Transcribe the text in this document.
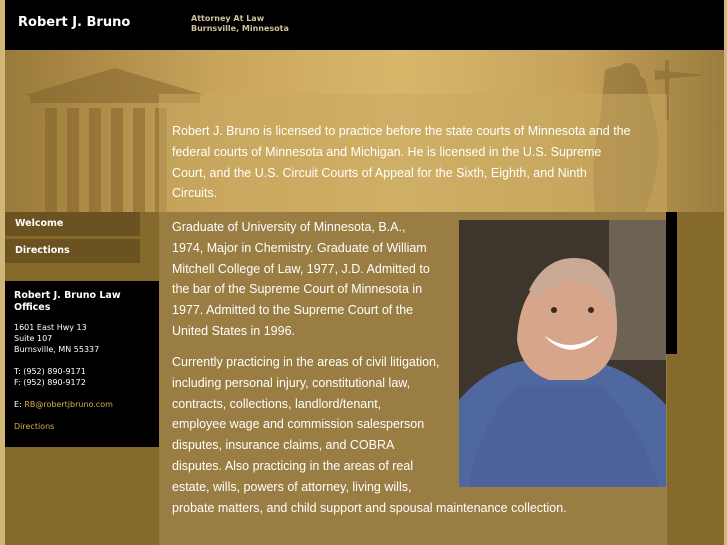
Robert J. Bruno	Attorney At Law
Burnsville, Minnesota
Welcome
Directions
Robert J. Bruno Law Offices
1601 East Hwy 13
Suite 107
Burnsville, MN 55337
T: (952) 890-9171
F: (952) 890-9172
E: RB@robertjbruno.com
Directions
Robert J. Bruno is licensed to practice before the state courts of Minnesota and the
federal courts of Minnesota and Michigan. He is licensed in the U.S. Supreme
Court, and the U.S. Circuit Courts of Appeal for the Sixth, Eighth, and Ninth
Circuits.
Graduate of University of Minnesota, B.A.,
1974, Major in Chemistry. Graduate of William
Mitchell College of Law, 1977, J.D. Admitted to
the bar of the Supreme Court of Minnesota in
1977. Admitted to the Supreme Court of the
United States in 1996.
Currently practicing in the areas of civil litigation,
including personal injury, constitutional law,
contracts, collections, landlord/tenant,
employee wage and commission salesperson
disputes, insurance claims, and COBRA
disputes. Also practicing in the areas of real
estate, wills, powers of attorney, living wills,
probate matters, and child support and spousal maintenance collection.
